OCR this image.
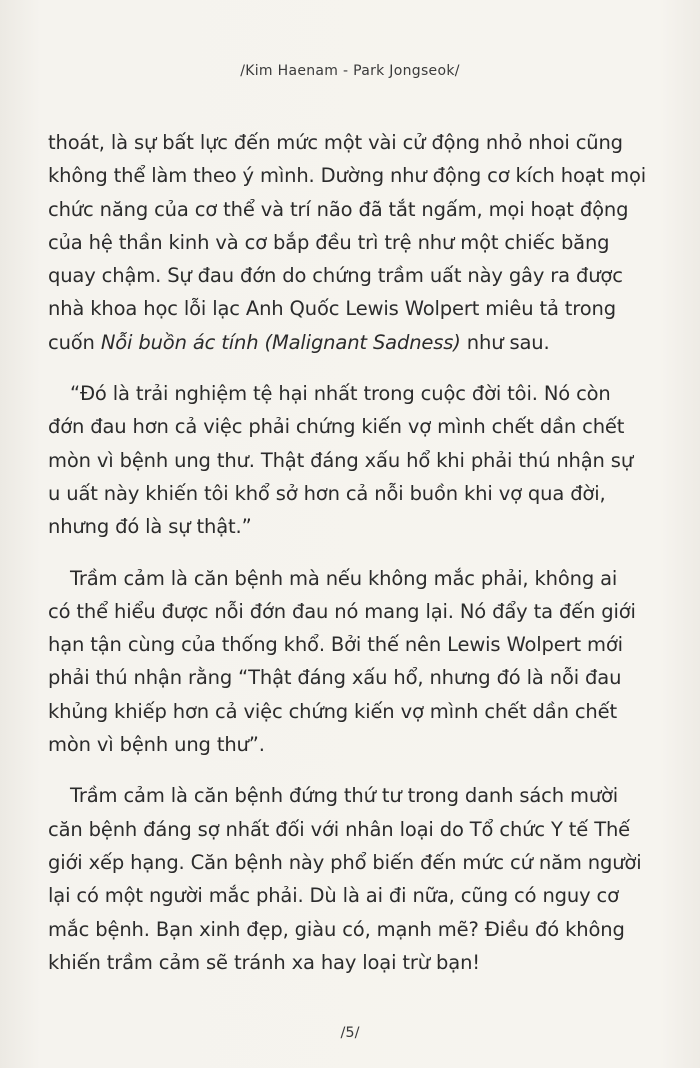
/Kim Haenam - Park Jongseok/
thoát, là sự bất lực đến mức một vài cử động nhỏ nhoi cũng
không thể làm theo ý mình. Dường như động cơ kích hoạt mọi
chức năng của cơ thể và trí não đã tắt ngấm, mọi hoạt động
của hệ thần kinh và cơ bắp đều trì trệ như một chiếc băng
quay chậm. Sự đau đớn do chứng trầm uất này gây ra được
nhà khoa học lỗi lạc Anh Quốc Lewis Wolpert miêu tả trong
cuốn Nỗi buồn ác tính (Malignant Sadness) như sau.
“Đó là trải nghiệm tệ hại nhất trong cuộc đời tôi. Nó còn
đớn đau hơn cả việc phải chứng kiến vợ mình chết dần chết
mòn vì bệnh ung thư. Thật đáng xấu hổ khi phải thú nhận sự
u uất này khiến tôi khổ sở hơn cả nỗi buồn khi vợ qua đời,
nhưng đó là sự thật.”
Trầm cảm là căn bệnh mà nếu không mắc phải, không ai
có thể hiểu được nỗi đớn đau nó mang lại. Nó đẩy ta đến giới
hạn tận cùng của thống khổ. Bởi thế nên Lewis Wolpert mới
phải thú nhận rằng “Thật đáng xấu hổ, nhưng đó là nỗi đau
khủng khiếp hơn cả việc chứng kiến vợ mình chết dần chết
mòn vì bệnh ung thư”.
Trầm cảm là căn bệnh đứng thứ tư trong danh sách mười
căn bệnh đáng sợ nhất đối với nhân loại do Tổ chức Y tế Thế
giới xếp hạng. Căn bệnh này phổ biến đến mức cứ năm người
lại có một người mắc phải. Dù là ai đi nữa, cũng có nguy cơ
mắc bệnh. Bạn xinh đẹp, giàu có, mạnh mẽ? Điều đó không
khiến trầm cảm sẽ tránh xa hay loại trừ bạn!
/5/
